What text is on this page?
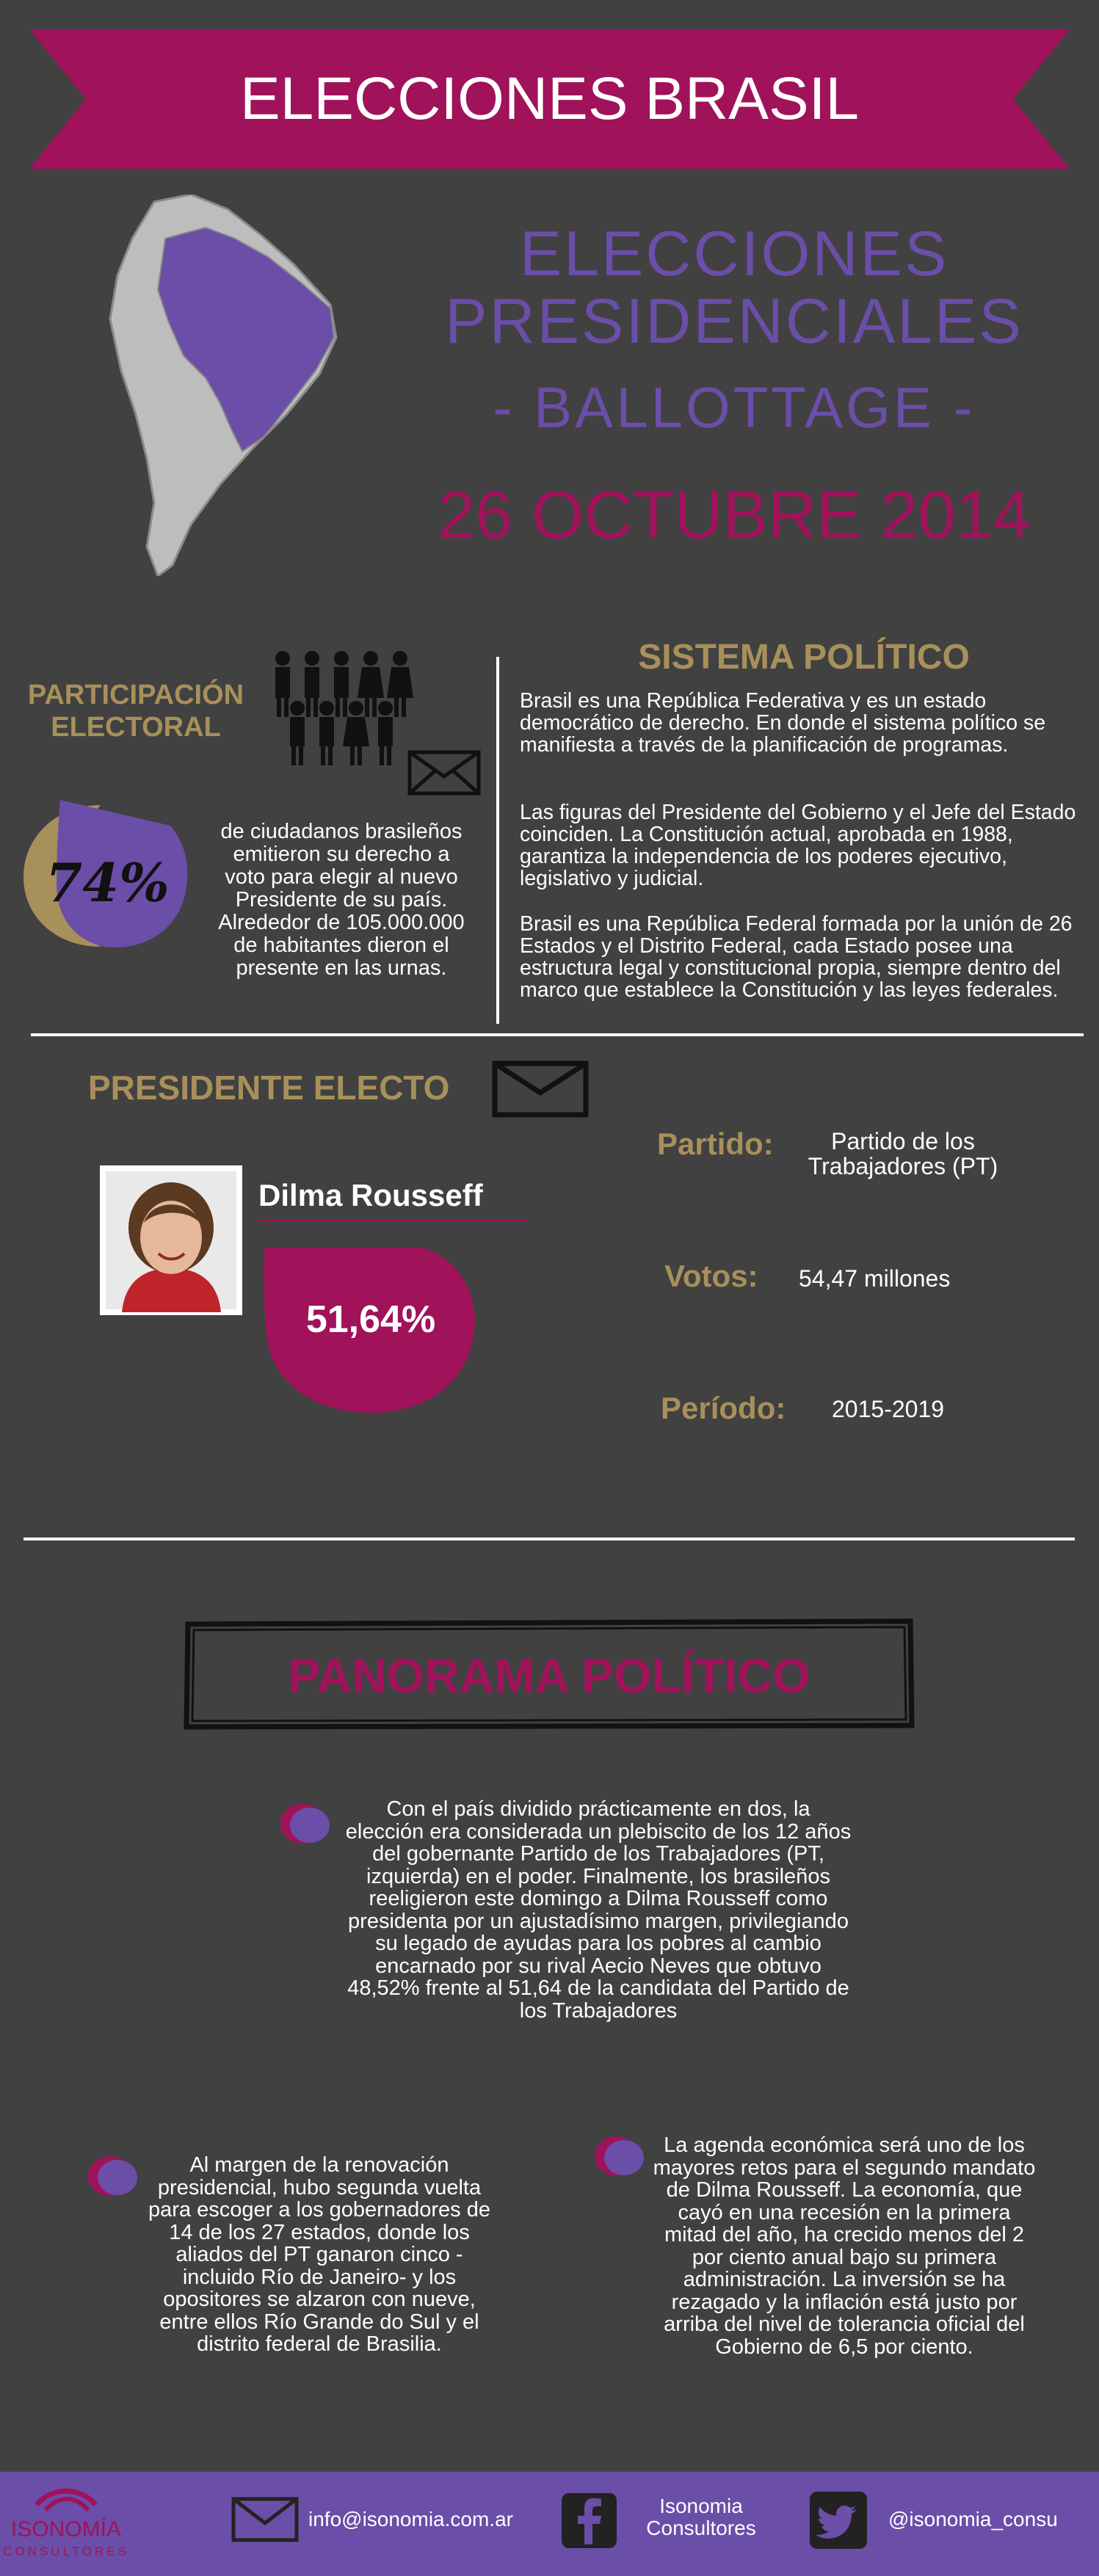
ELECCIONES BRASIL
ELECCIONES
PRESIDENCIALES
- BALLOTTAGE -
26 OCTUBRE 2014
PARTICIPACIÓN ELECTORAL
74%
de ciudadanos brasileños emitieron su derecho a voto para elegir al nuevo Presidente de su país. Alrededor de 105.000.000 de habitantes dieron el presente en las urnas.
SISTEMA POLÍTICO
Brasil es una República Federativa y es un estado democrático de derecho. En donde el sistema político se manifiesta a través de la planificación de programas.
Las figuras del Presidente del Gobierno y el Jefe del Estado coinciden. La Constitución actual, aprobada en 1988, garantiza la independencia de los poderes ejecutivo, legislativo y judicial.
Brasil es una República Federal formada por la unión de 26 Estados y el Distrito Federal, cada Estado posee una estructura legal y constitucional propia, siempre dentro del marco que establece la Constitución y las leyes federales.
PRESIDENTE ELECTO
Dilma Rousseff
51,64%
Partido:	Partido de los Trabajadores (PT)
Votos: 54,47 millones
Período: 2015-2019
PANORAMA POLÍTICO
Con el país dividido prácticamente en dos, la elección era considerada un plebiscito de los 12 años del gobernante Partido de los Trabajadores (PT, izquierda) en el poder. Finalmente, los brasileños reeligieron este domingo a Dilma Rousseff como presidenta por un ajustadísimo margen, privilegiando su legado de ayudas para los pobres al cambio encarnado por su rival Aecio Neves que obtuvo 48,52% frente al 51,64 de la candidata del Partido de los Trabajadores
Al margen de la renovación presidencial, hubo segunda vuelta para escoger a los gobernadores de 14 de los 27 estados, donde los aliados del PT ganaron cinco -incluido Río de Janeiro- y los opositores se alzaron con nueve, entre ellos Río Grande do Sul y el distrito federal de Brasilia.
La agenda económica será uno de los mayores retos para el segundo mandato de Dilma Rousseff. La economía, que cayó en una recesión en la primera mitad del año, ha crecido menos del 2 por ciento anual bajo su primera administración. La inversión se ha rezagado y la inflación está justo por arriba del nivel de tolerancia oficial del Gobierno de 6,5 por ciento.
ISONOMÍA
CONSULTORES
info@isonomia.com.ar
Isonomia Consultores	@isonomia_consu
